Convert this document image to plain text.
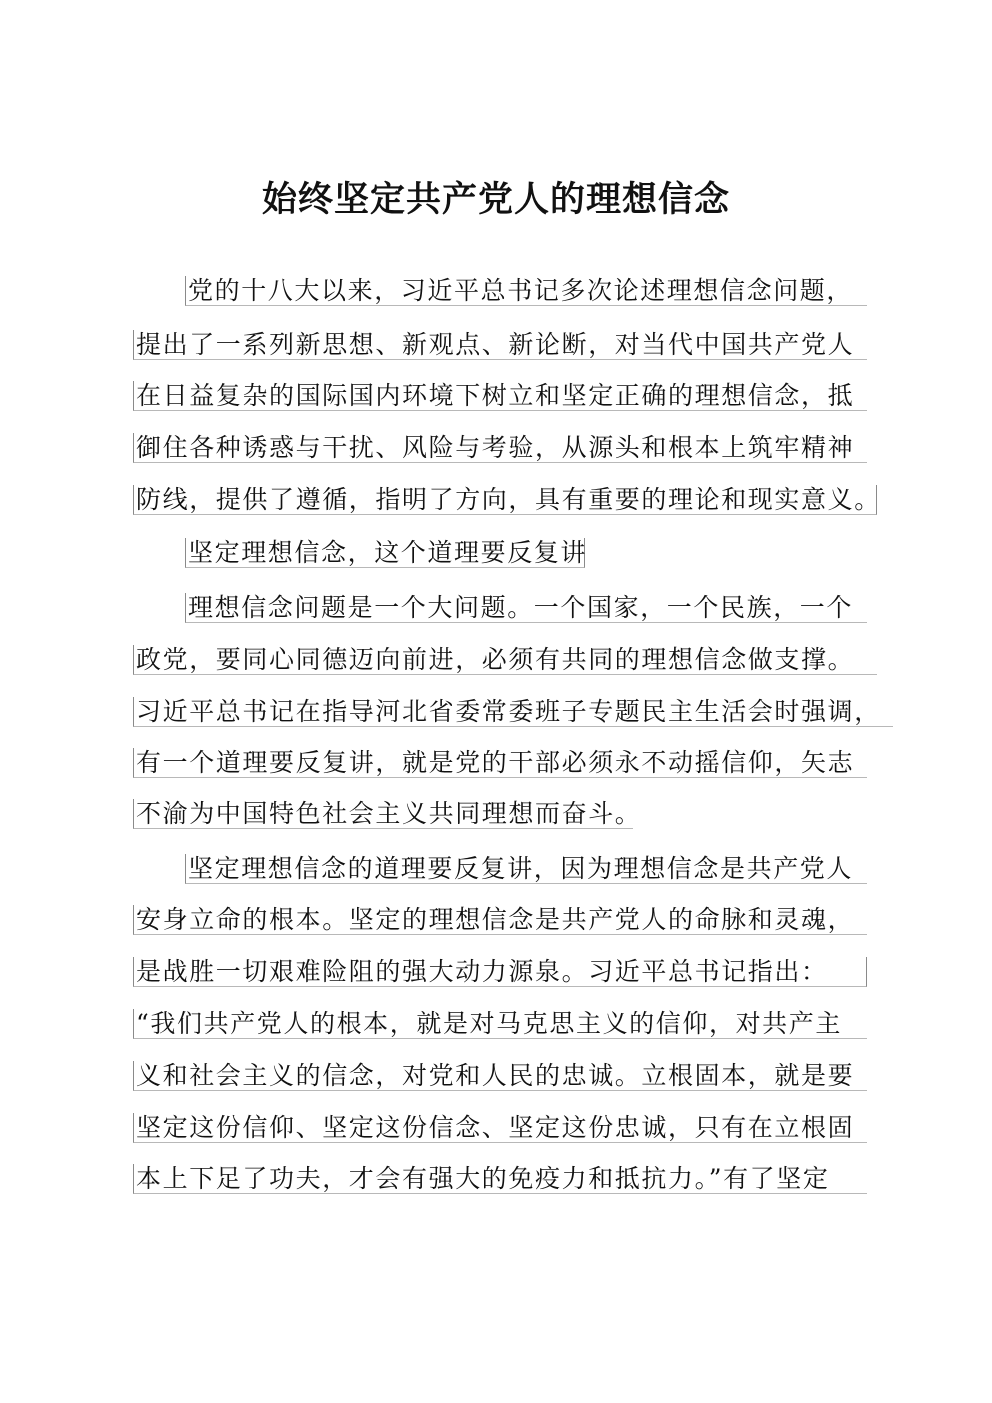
始终坚定共产党人的理想信念
党的十八大以来，习近平总书记多次论述理想信念问题，
提出了一系列新思想、新观点、新论断，对当代中国共产党人
在日益复杂的国际国内环境下树立和坚定正确的理想信念，抵
御住各种诱惑与干扰、风险与考验，从源头和根本上筑牢精神
防线，提供了遵循，指明了方向，具有重要的理论和现实意义。
坚定理想信念，这个道理要反复讲
理想信念问题是一个大问题。一个国家，一个民族，一个
政党，要同心同德迈向前进，必须有共同的理想信念做支撑。
习近平总书记在指导河北省委常委班子专题民主生活会时强调，
有一个道理要反复讲，就是党的干部必须永不动摇信仰，矢志
不渝为中国特色社会主义共同理想而奋斗。
坚定理想信念的道理要反复讲，因为理想信念是共产党人
安身立命的根本。坚定的理想信念是共产党人的命脉和灵魂，
是战胜一切艰难险阻的强大动力源泉。习近平总书记指出：
“我们共产党人的根本，就是对马克思主义的信仰，对共产主
义和社会主义的信念，对党和人民的忠诚。立根固本，就是要
坚定这份信仰、坚定这份信念、坚定这份忠诚，只有在立根固
本上下足了功夫，才会有强大的免疫力和抵抗力。”有了坚定
